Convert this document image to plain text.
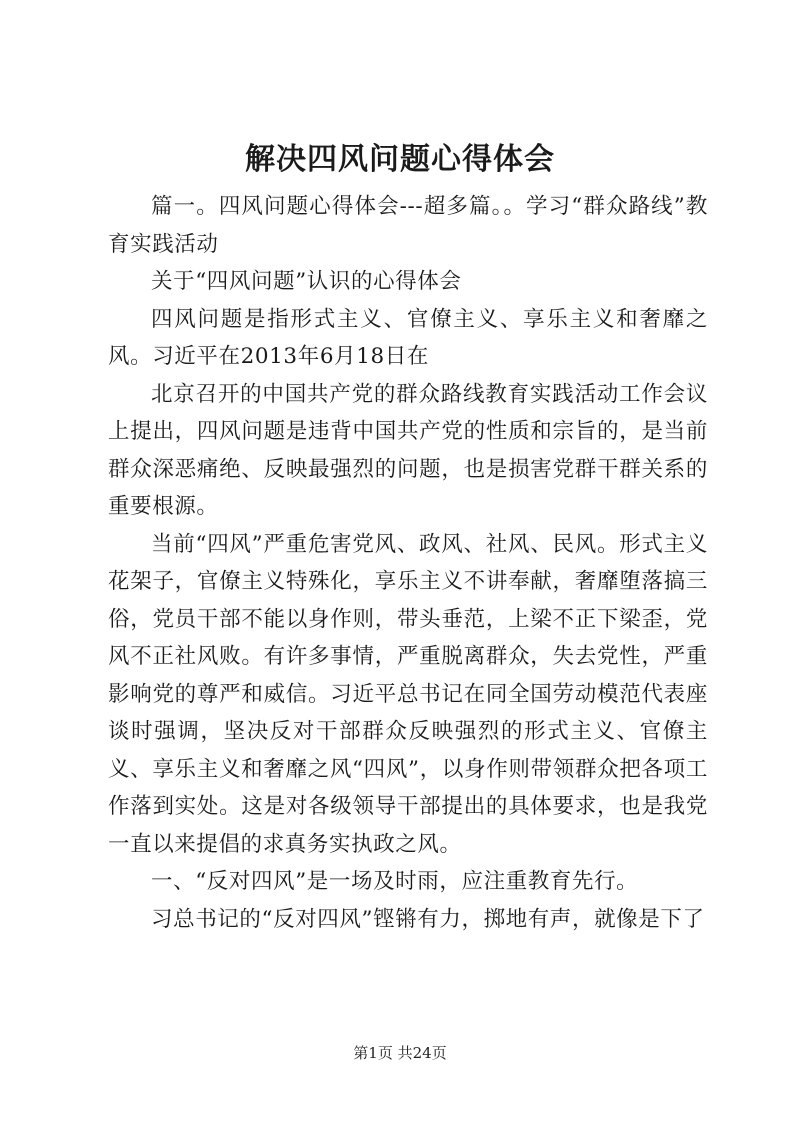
解决四风问题心得体会

篇一。四风问题心得体会---超多篇。。学习“群众路线”教育实践活动

关于“四风问题”认识的心得体会

四风问题是指形式主义、官僚主义、享乐主义和奢靡之风。习近平在2013年6月18日在

北京召开的中国共产党的群众路线教育实践活动工作会议上提出，四风问题是违背中国共产党的性质和宗旨的，是当前群众深恶痛绝、反映最强烈的问题，也是损害党群干群关系的重要根源。

当前“四风”严重危害党风、政风、社风、民风。形式主义花架子，官僚主义特殊化，享乐主义不讲奉献，奢靡堕落搞三俗，党员干部不能以身作则，带头垂范，上梁不正下梁歪，党风不正社风败。有许多事情，严重脱离群众，失去党性，严重影响党的尊严和威信。习近平总书记在同全国劳动模范代表座谈时强调，坚决反对干部群众反映强烈的形式主义、官僚主义、享乐主义和奢靡之风“四风”，以身作则带领群众把各项工作落到实处。这是对各级领导干部提出的具体要求，也是我党一直以来提倡的求真务实执政之风。

一、“反对四风”是一场及时雨，应注重教育先行。

习总书记的“反对四风”铿锵有力，掷地有声，就像是下了

第1页 共24页
